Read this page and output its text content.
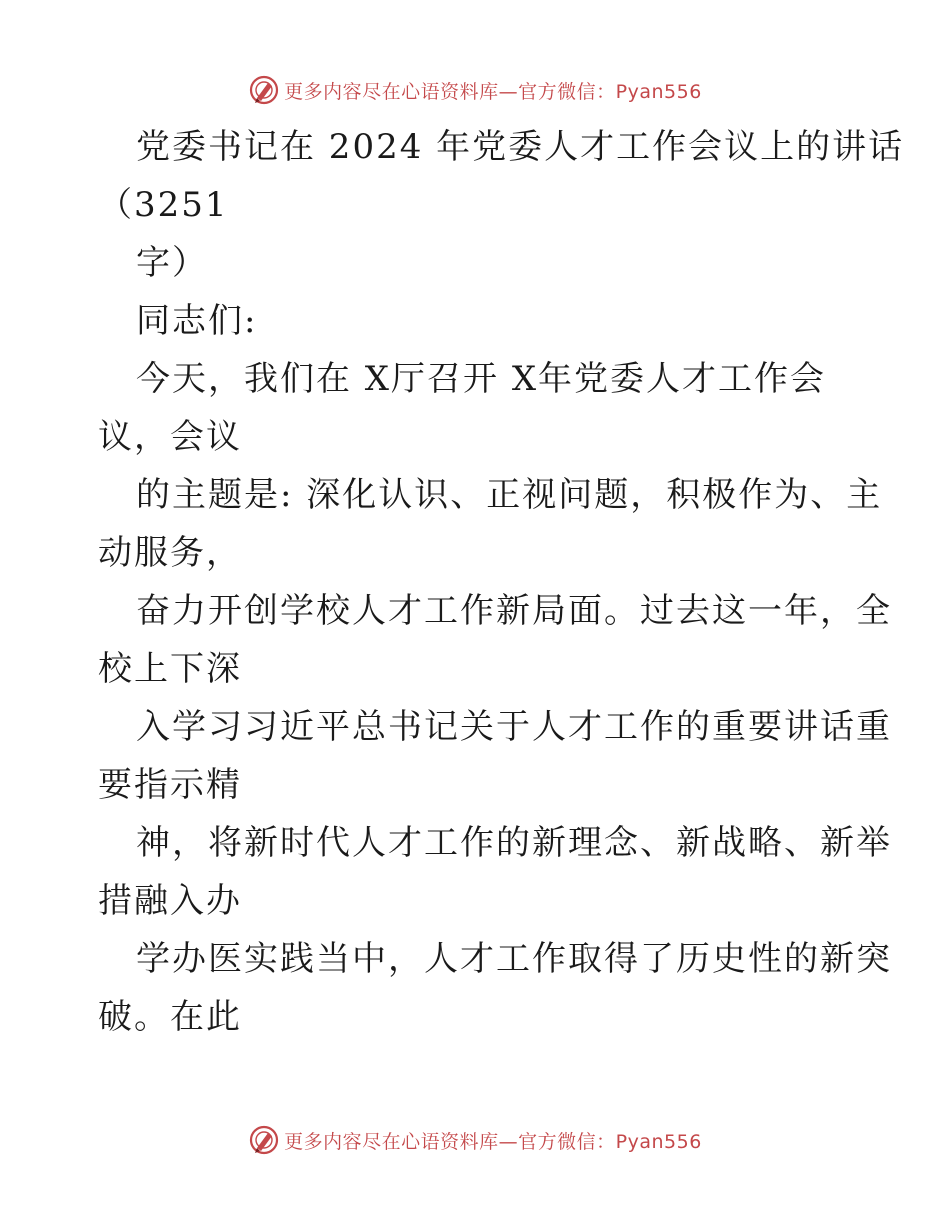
更多内容尽在心语资料库—官方微信：Pyan556
党委书记在 2024 年党委人才工作会议上的讲话
（3251
字）
同志们:
今天，我们在 X厅召开 X年党委人才工作会
议，会议
的主题是: 深化认识、正视问题，积极作为、主
动服务，
奋力开创学校人才工作新局面。过去这一年，全
校上下深
入学习习近平总书记关于人才工作的重要讲话重
要指示精
神，将新时代人才工作的新理念、新战略、新举
措融入办
学办医实践当中，人才工作取得了历史性的新突
破。在此
更多内容尽在心语资料库—官方微信：Pyan556
